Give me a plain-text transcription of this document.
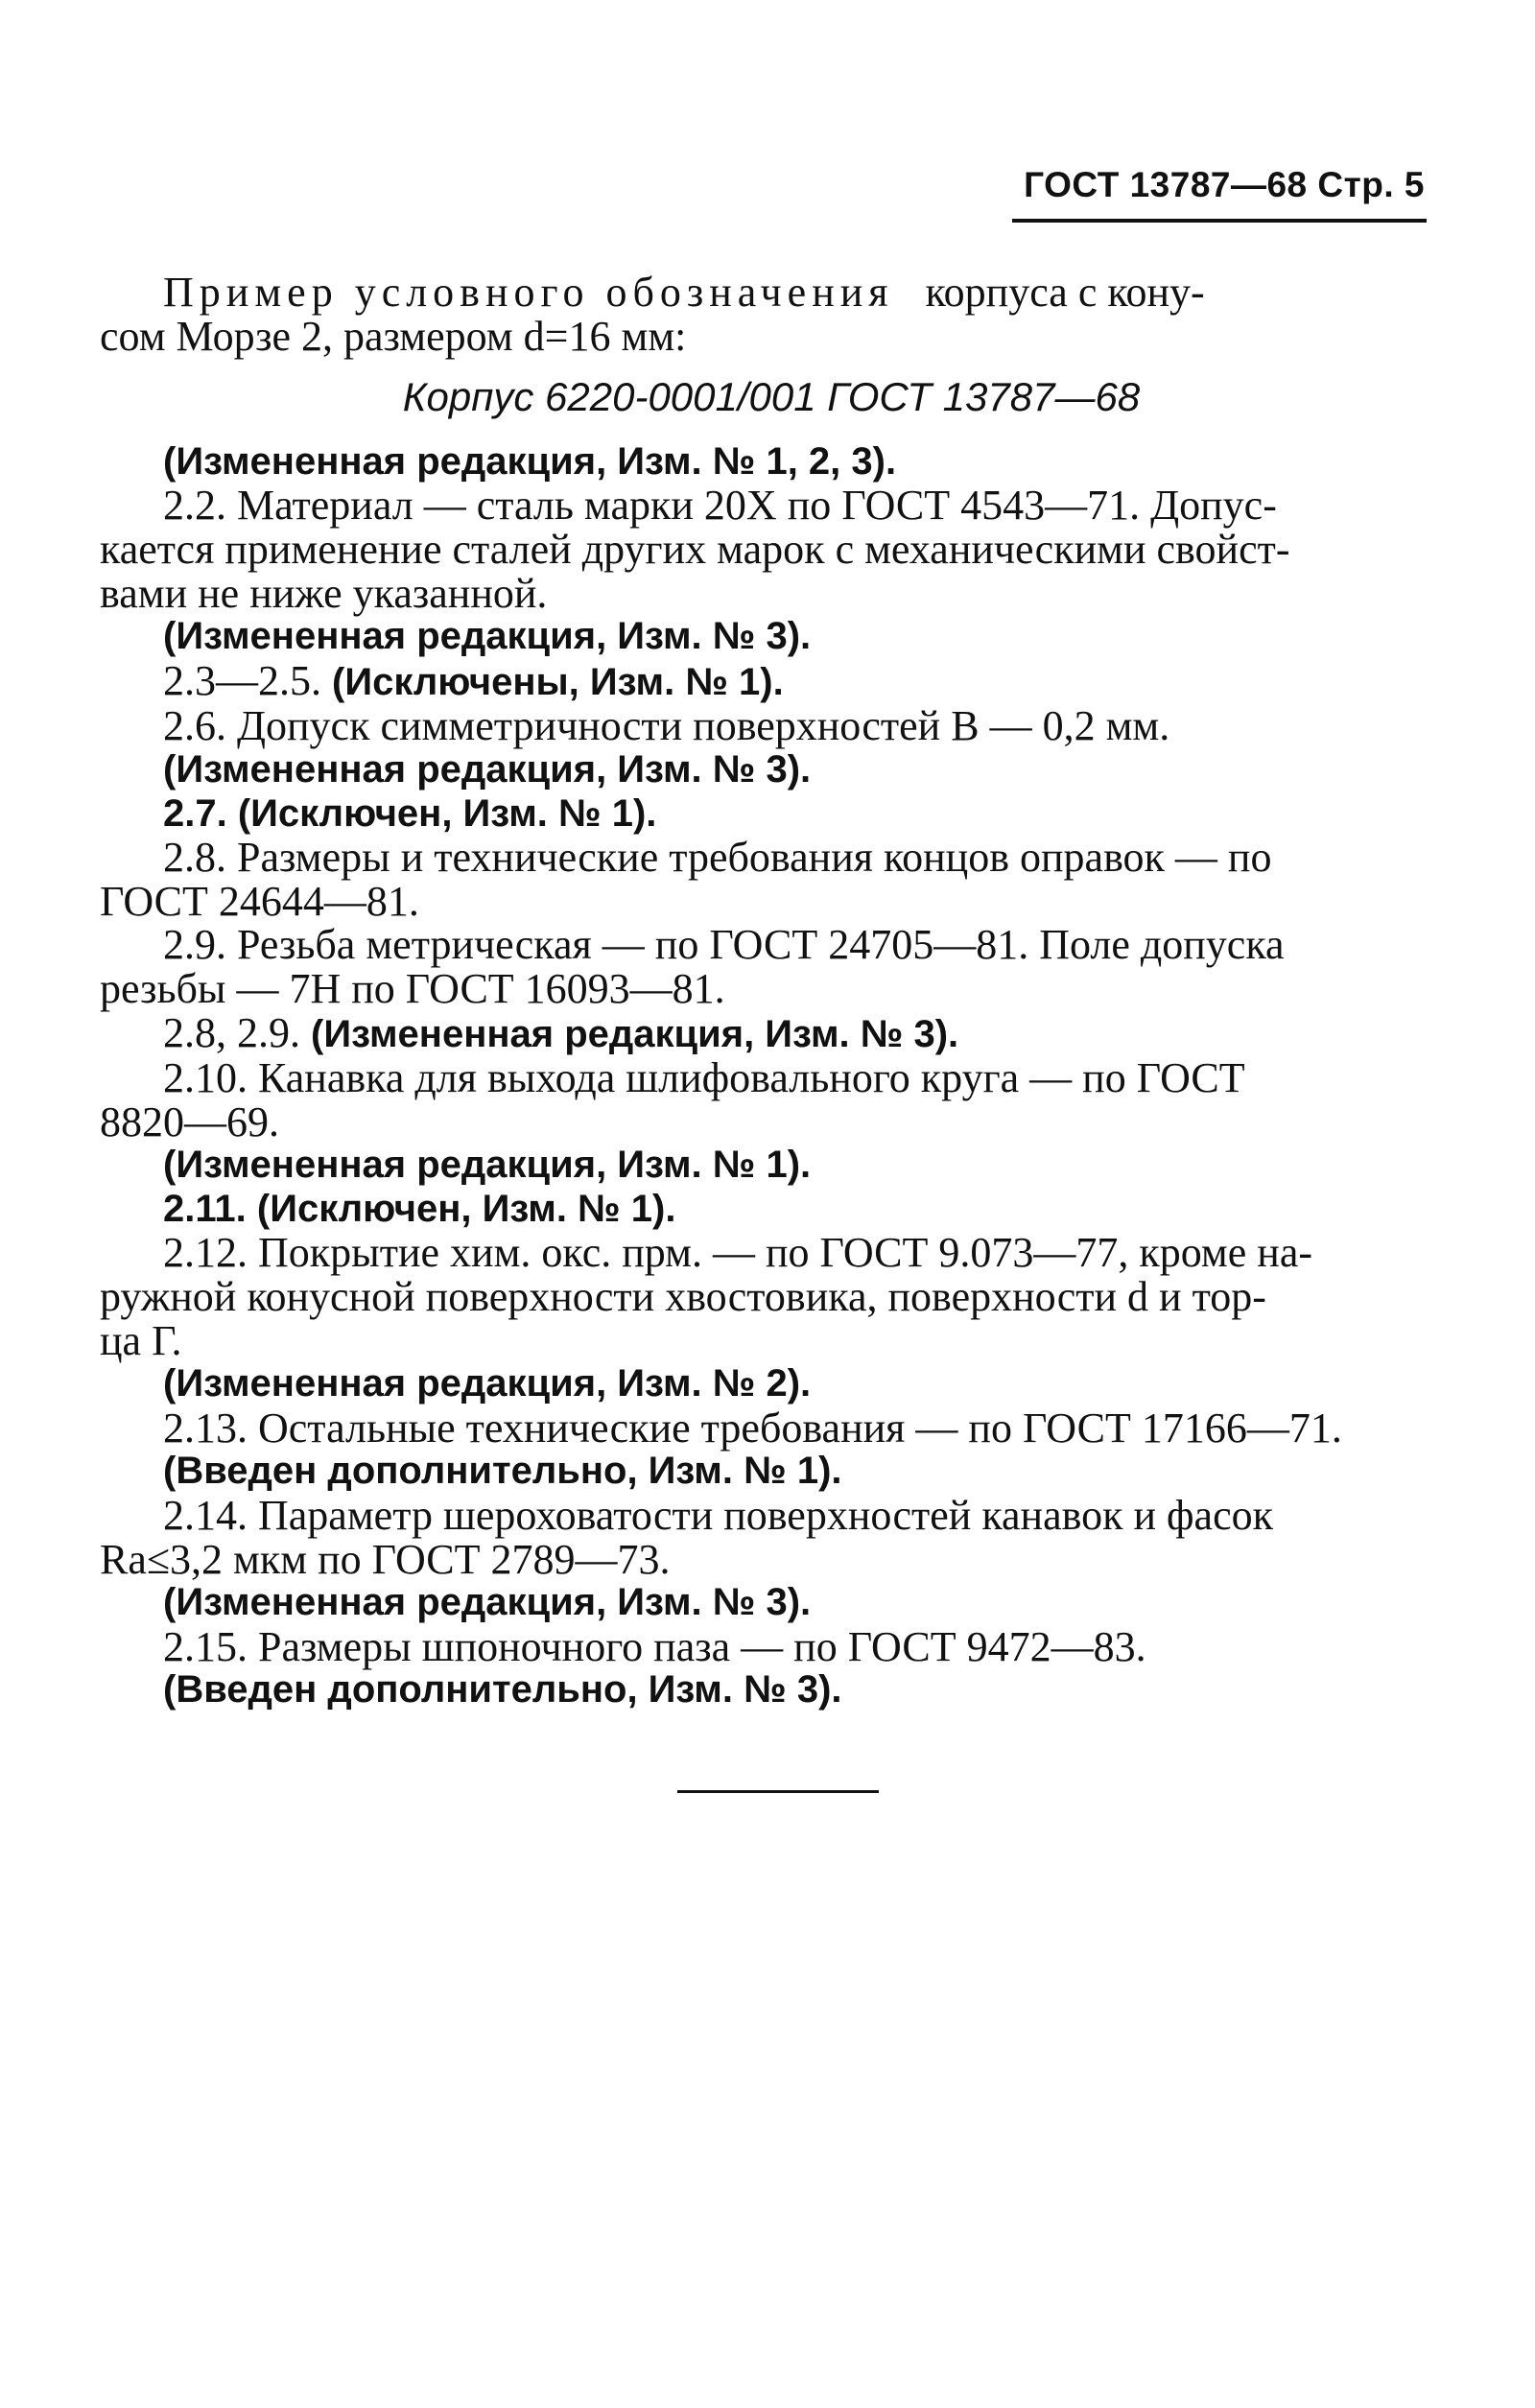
ГОСТ 13787—68 Стр. 5

Пример условного обозначения корпуса с кону-

сом Морзе 2, размером d=16 мм:

Корпус 6220-0001/001 ГОСТ 13787—68

(Измененная редакция, Изм. № 1, 2, 3).

2.2. Материал — сталь марки 20Х по ГОСТ 4543—71. Допус-

кается применение сталей других марок с механическими свойст-

вами не ниже указанной.

(Измененная редакция, Изм. № 3).

2.3—2.5. (Исключены, Изм. № 1).

2.6. Допуск симметричности поверхностей B — 0,2 мм.

(Измененная редакция, Изм. № 3).

2.7. (Исключен, Изм. № 1).

2.8. Размеры и технические требования концов оправок — по

ГОСТ 24644—81.

2.9. Резьба метрическая — по ГОСТ 24705—81. Поле допуска

резьбы — 7Н по ГОСТ 16093—81.

2.8, 2.9. (Измененная редакция, Изм. № 3).

2.10. Канавка для выхода шлифовального круга — по ГОСТ

8820—69.

(Измененная редакция, Изм. № 1).

2.11. (Исключен, Изм. № 1).

2.12. Покрытие хим. окс. прм. — по ГОСТ 9.073—77, кроме на-

ружной конусной поверхности хвостовика, поверхности d и тор-

ца Г.

(Измененная редакция, Изм. № 2).

2.13. Остальные технические требования — по ГОСТ 17166—71.

(Введен дополнительно, Изм. № 1).

2.14. Параметр шероховатости поверхностей канавок и фасок

Ra≤3,2 мкм по ГОСТ 2789—73.

(Измененная редакция, Изм. № 3).

2.15. Размеры шпоночного паза — по ГОСТ 9472—83.

(Введен дополнительно, Изм. № 3).
